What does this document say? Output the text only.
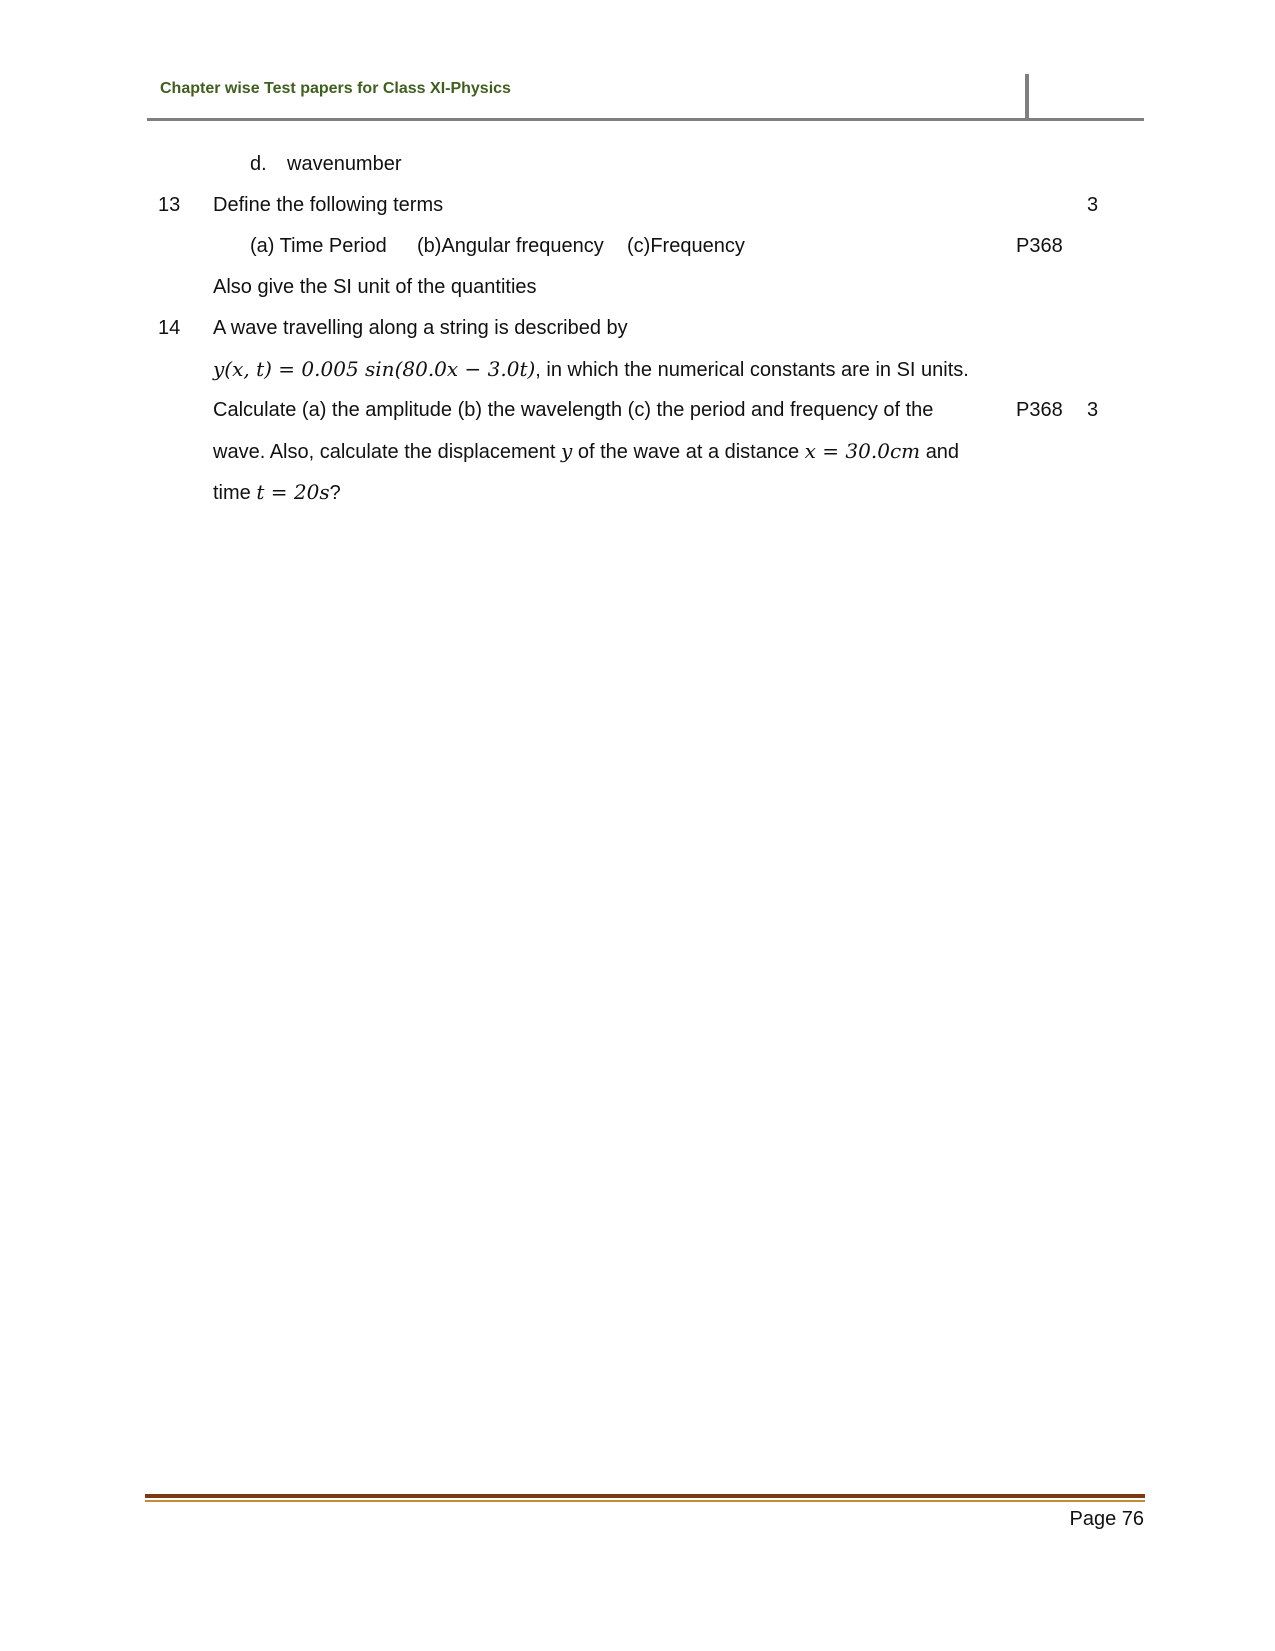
Chapter wise Test papers for Class XI-Physics
d. wavenumber
13 Define the following terms	3
(a) Time Period (b)Angular frequency (c)Frequency	P368
Also give the SI unit of the quantities
14 A wave travelling along a string is described by
y(x, t) = 0.005 sin(80.0x − 3.0t), in which the numerical constants are in SI units.
Calculate (a) the amplitude (b) the wavelength (c) the period and frequency of the	P368 3
wave. Also, calculate the displacement y of the wave at a distance x = 30.0cm and
time t = 20s?
Page 76
